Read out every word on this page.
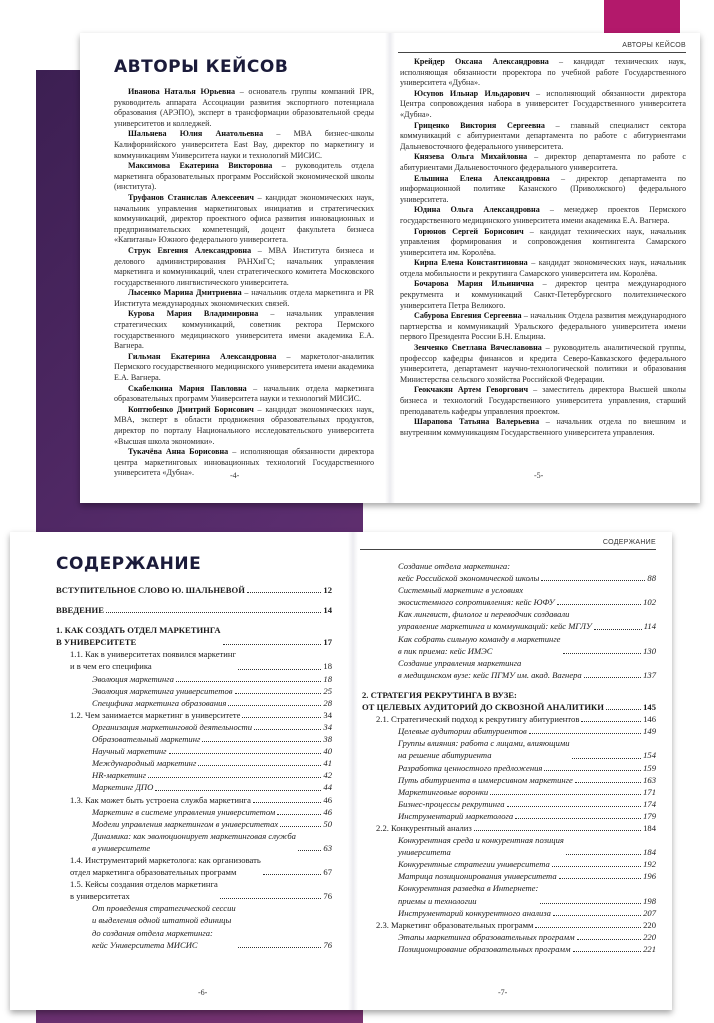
АВТОРЫ КЕЙСОВ

Иванова Наталья Юрьевна – основатель группы компаний IPR, руководитель аппарата Ассоциации развития экспортного потенциала образования (АРЭПО), эксперт в трансформации образовательной среды университетов и колледжей.

Шальнева Юлия Анатольевна – MBA бизнес-школы Калифорнийского университета East Bay, директор по маркетингу и коммуникациям Университета науки и технологий МИСИС.

Максимова Екатерина Викторовна – руководитель отдела маркетинга образовательных программ Российской экономической школы (института).

Труфанов Станислав Алексеевич – кандидат экономических наук, начальник управления маркетинговых инициатив и стратегических коммуникаций, директор проектного офиса развития инновационных и предпринимательских компетенций, доцент факультета бизнеса «Капитаны» Южного федерального университета.

Струк Евгения Александровна – MBA Института бизнеса и делового администрирования РАНХиГС; начальник управления маркетинга и коммуникаций, член стратегического комитета Московского государственного лингвистического университета.

Лысенко Марина Дмитриевна – начальник отдела маркетинга и PR Института международных экономических связей.

Курова Мария Владимировна – начальник управления стратегических коммуникаций, советник ректора Пермского государственного медицинского университета имени академика Е.А. Вагнера.

Гильман Екатерина Александровна – маркетолог-аналитик Пермского государственного медицинского университета имени академика Е.А. Вагнера.

Скабелкина Мария Павловна – начальник отдела маркетинга образовательных программ Университета науки и технологий МИСИС.

Коптюбенко Дмитрий Борисович – кандидат экономических наук, MBA, эксперт в области продвижения образовательных продуктов, директор по порталу Национального исследовательского университета «Высшая школа экономики».

Тукачёва Анна Борисовна – исполняющая обязанности директора центра маркетинговых инновационных технологий Государственного университета «Дубна».	-4-
АВТОРЫ КЕЙСОВ

Крейдер Оксана Александровна – кандидат технических наук, исполняющая обязанности проректора по учебной работе Государственного университета «Дубна».

Юсупов Ильнар Ильдарович – исполняющий обязанности директора Центра сопровождения набора в университет Государственного университета «Дубна».

Гриценко Виктория Сергеевна – главный специалист сектора коммуникаций с абитуриентами департамента по работе с абитуриентами Дальневосточного федерального университета.

Князева Ольга Михайловна – директор департамента по работе с абитуриентами Дальневосточного федерального университета.

Ельшина Елена Александровна – директор департамента по информационной политике Казанского (Приволжского) федерального университета.

Юдина Ольга Александровна – менеджер проектов Пермского государственного медицинского университета имени академика Е.А. Вагнера.

Горюнов Сергей Борисович – кандидат технических наук, начальник управления формирования и сопровождения контингента Самарского университета им. Королёва.

Кирпа Елена Константиновна – кандидат экономических наук, начальник отдела мобильности и рекрутинга Самарского университета им. Королёва.

Бочарова Мария Ильинична – директор центра международного рекрутмента и коммуникаций Санкт-Петербургского политехнического университета Петра Великого.

Сабурова Евгения Сергеевна – начальник Отдела развития международного партнерства и коммуникаций Уральского федерального университета имени первого Президента России Б.Н. Ельцина.

Зенченко Светлана Вячеславовна – руководитель аналитической группы, профессор кафедры финансов и кредита Северо-Кавказского федерального университета, департамент научно-технологической политики и образования Министерства сельского хозяйства Российской Федерации.

Геокчакян Артем Геворгович – заместитель директора Высшей школы бизнеса и технологий Государственного университета управления, старший преподаватель кафедры управления проектом.

Шарапова Татьяна Валерьевна – начальник отдела по внешним и внутренним коммуникациям Государственного университета управления.

-5-
СОДЕРЖАНИЕ
ВСТУПИТЕЛЬНОЕ СЛОВО Ю. ШАЛЬНЕВОЙ	12
ВВЕДЕНИЕ	14
1. КАК СОЗДАТЬ ОТДЕЛ МАРКЕТИНГА
В УНИВЕРСИТЕТЕ	17
1.1. Как в университетах появился маркетинг
и в чем его специфика	18
Эволюция маркетинга	18
Эволюция маркетинга университетов	25
Специфика маркетинга образования	28
1.2. Чем занимается маркетинг в университете	34
Организация маркетинговой деятельности	34
Образовательный маркетинг	38
Научный маркетинг	40
Международный маркетинг	41
HR-маркетинг	42
Маркетинг ДПО	44
1.3. Как может быть устроена служба маркетинга	46
Маркетинг в системе управления университетом	46
Модели управления маркетингом в университетах	50
Динамика: как эволюционирует маркетинговая служба
в университете	63
1.4. Инструментарий маркетолога: как организовать
отдел маркетинга образовательных программ	67
1.5. Кейсы создания отделов маркетинга
в университетах	76
От проведения стратегической сессии
и выделения одной штатной единицы
до создания отдела маркетинга:
кейс Университета МИСИС	76
-6-
СОДЕРЖАНИЕ
Создание отдела маркетинга:
кейс Российской экономической школы	88
Системный маркетинг в условиях
экосистемного сопротивления: кейс ЮФУ	102
Как лингвист, филолог и переводчик создавали
управление маркетинга и коммуникаций: кейс МГЛУ	114
Как собрать сильную команду в маркетинге
в пик приема: кейс ИМЭС	130
Создание управления маркетинга
в медицинском вузе: кейс ПГМУ им. акад. Вагнера	137
2. СТРАТЕГИЯ РЕКРУТИНГА В ВУЗЕ:
ОТ ЦЕЛЕВЫХ АУДИТОРИЙ ДО СКВОЗНОЙ АНАЛИТИКИ	145
2.1. Стратегический подход к рекрутингу абитуриентов	146
Целевые аудитории абитуриентов	149
Группы влияния: работа с лицами, влияющими
на решение абитуриента	154
Разработка ценностного предложения	159
Путь абитуриента в иммерсивном маркетинге	163
Маркетинговые воронки	171
Бизнес-процессы рекрутинга	174
Инструментарий маркетолога	179
2.2. Конкурентный анализ	184
Конкурентная среда и конкурентная позиция
университета	184
Конкурентные стратегии университета	192
Матрица позиционирования университета	196
Конкурентная разведка в Интернете:
приемы и технологии	198
Инструментарий конкурентного анализа	207
2.3. Маркетинг образовательных программ	220
Этапы маркетинга образовательных программ	220
Позиционирование образовательных программ	221
-7-
